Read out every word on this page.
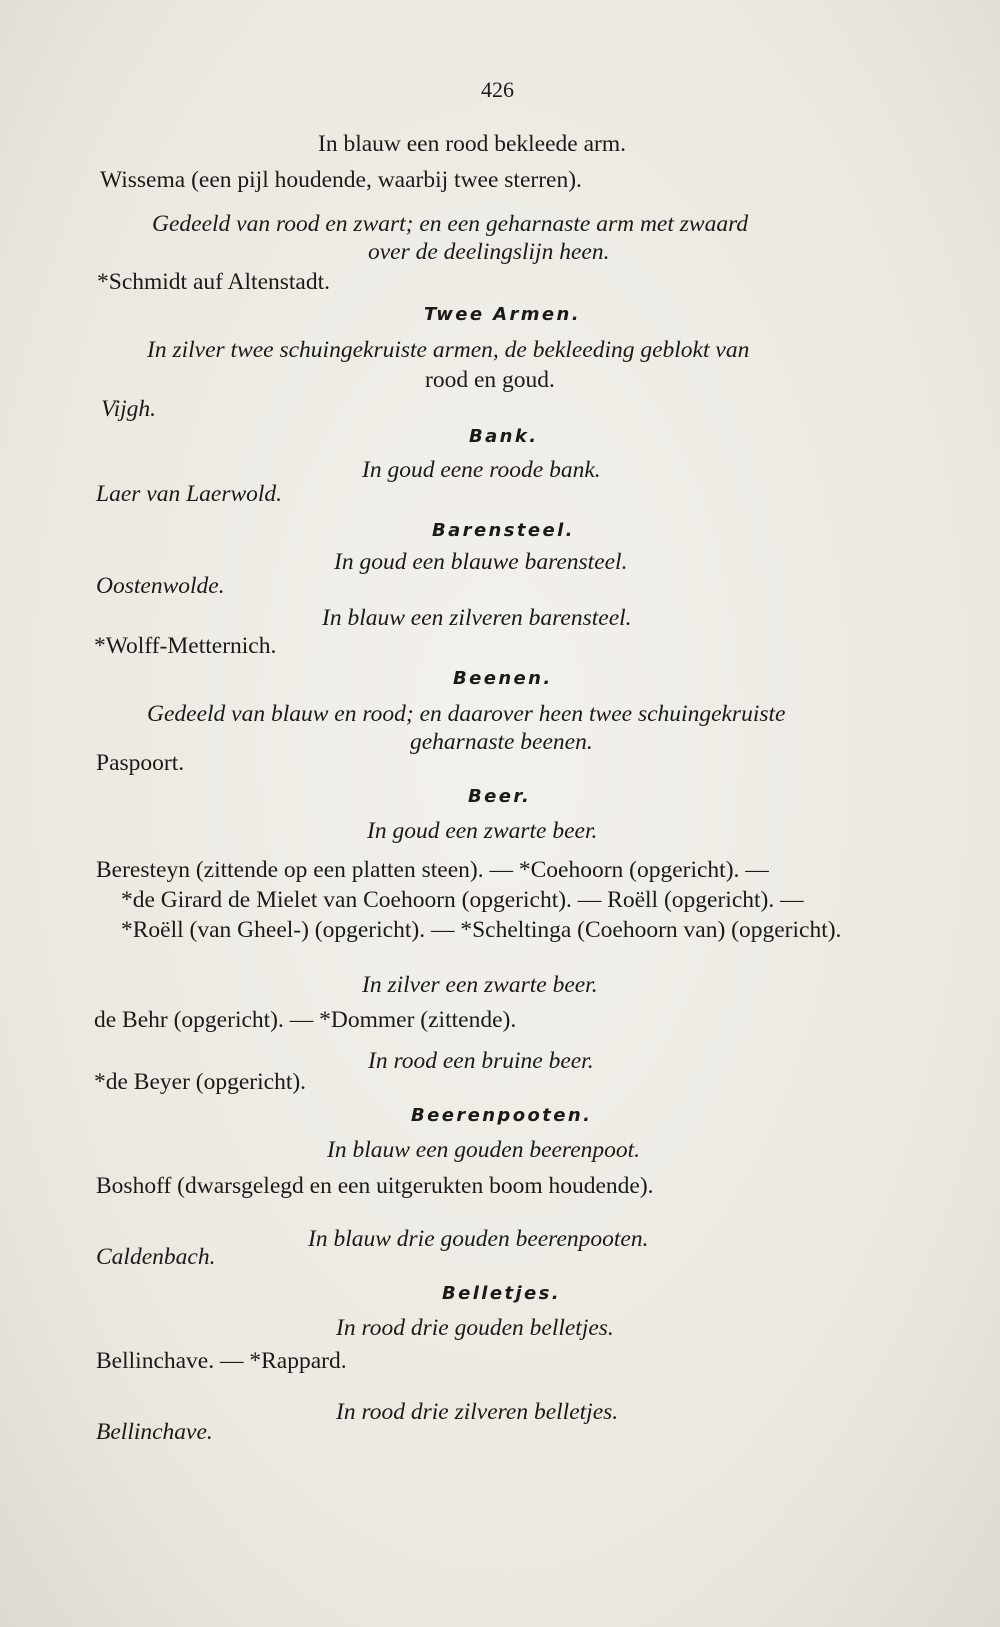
426
In blauw een rood bekleede arm.
Wissema (een pijl houdende, waarbij twee sterren).
Gedeeld van rood en zwart; en een geharnaste arm met zwaard
over de deelingslijn heen.
*Schmidt auf Altenstadt.
Twee Armen.
In zilver twee schuingekruiste armen, de bekleeding geblokt van
rood en goud.
Vijgh.
Bank.
In goud eene roode bank.
Laer van Laerwold.
Barensteel.
In goud een blauwe barensteel.
Oostenwolde.
In blauw een zilveren barensteel.
*Wolff-Metternich.
Beenen.
Gedeeld van blauw en rood; en daarover heen twee schuingekruiste
geharnaste beenen.
Paspoort.
Beer.
In goud een zwarte beer.
Beresteyn (zittende op een platten steen). — *Coehoorn (opgericht). —
*de Girard de Mielet van Coehoorn (opgericht). — Roëll (opgericht). —
*Roëll (van Gheel-) (opgericht). — *Scheltinga (Coehoorn van) (opgericht).
In zilver een zwarte beer.
de Behr (opgericht). — *Dommer (zittende).
In rood een bruine beer.
*de Beyer (opgericht).
Beerenpooten.
In blauw een gouden beerenpoot.
Boshoff (dwarsgelegd en een uitgerukten boom houdende).
In blauw drie gouden beerenpooten.
Caldenbach.
Belletjes.
In rood drie gouden belletjes.
Bellinchave. — *Rappard.
In rood drie zilveren belletjes.
Bellinchave.
